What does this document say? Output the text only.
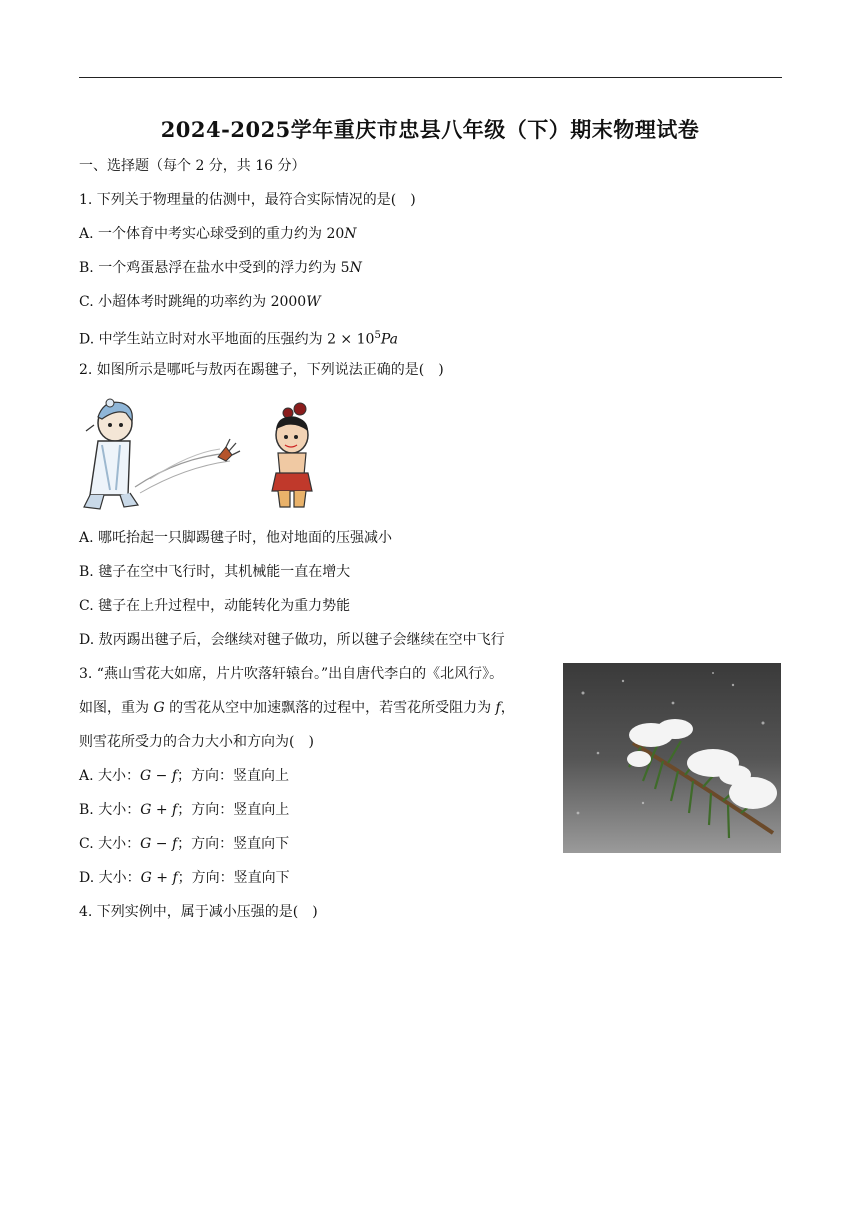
2024-2025学年重庆市忠县八年级（下）期末物理试卷
一、选择题（每个 2 分，共 16 分）
1. 下列关于物理量的估测中，最符合实际情况的是( )
A. 一个体育中考实心球受到的重力约为 20N
B. 一个鸡蛋悬浮在盐水中受到的浮力约为 5N
C. 小超体考时跳绳的功率约为 2000W
D. 中学生站立时对水平地面的压强约为 $2 \times 10^5Pa$
2. 如图所示是哪吒与敖丙在踢毽子，下列说法正确的是( )
A. 哪吒抬起一只脚踢毽子时，他对地面的压强减小
B. 毽子在空中飞行时，其机械能一直在增大
C. 毽子在上升过程中，动能转化为重力势能
D. 敖丙踢出毽子后，会继续对毽子做功，所以毽子会继续在空中飞行
3. “燕山雪花大如席，片片吹落轩辕台。”出自唐代李白的《北风行》。
如图，重为 G 的雪花从空中加速飘落的过程中，若雪花所受阻力为 f，
则雪花所受力的合力大小和方向为( )
A. 大小：G − f；方向：竖直向上
B. 大小：G + f；方向：竖直向上
C. 大小：G − f；方向：竖直向下
D. 大小：G + f；方向：竖直向下
4. 下列实例中，属于减小压强的是( )
